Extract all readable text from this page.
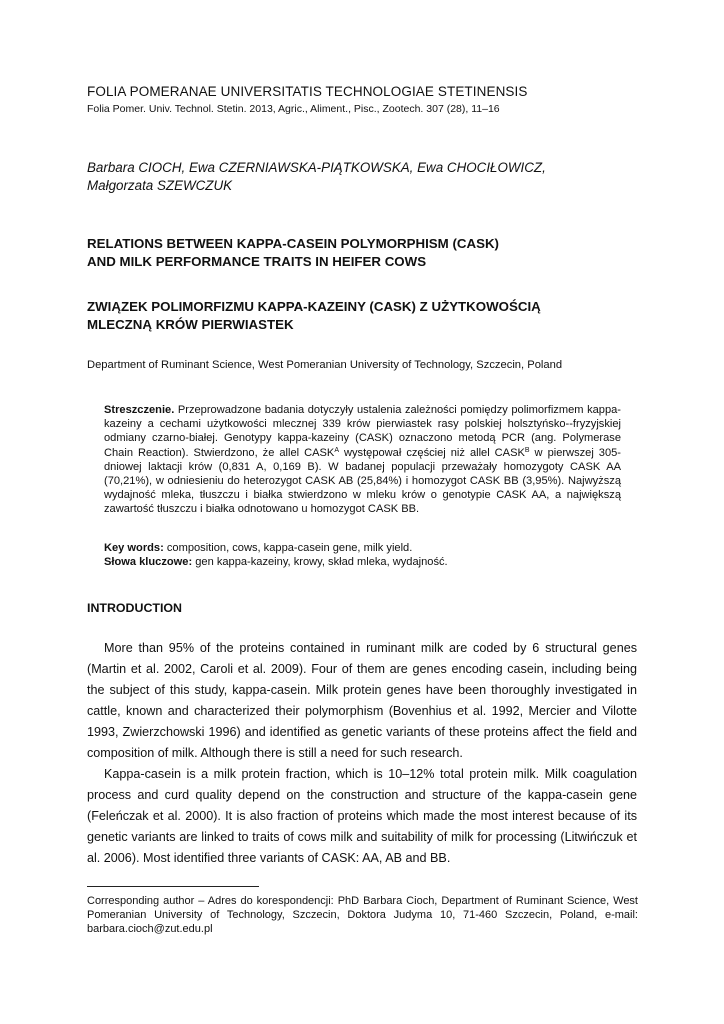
FOLIA POMERANAE UNIVERSITATIS TECHNOLOGIAE STETINENSIS
Folia Pomer. Univ. Technol. Stetin. 2013, Agric., Aliment., Pisc., Zootech. 307 (28), 11–16
Barbara CIOCH, Ewa CZERNIAWSKA-PIĄTKOWSKA, Ewa CHOCIŁOWICZ,
Małgorzata SZEWCZUK
RELATIONS BETWEEN KAPPA-CASEIN POLYMORPHISM (CASK)
AND MILK PERFORMANCE TRAITS IN HEIFER COWS
ZWIĄZEK POLIMORFIZMU KAPPA-KAZEINY (CASK) Z UŻYTKOWOŚCIĄ
MLECZNĄ KRÓW PIERWIASTEK
Department of Ruminant Science, West Pomeranian University of Technology, Szczecin, Poland
Streszczenie. Przeprowadzone badania dotyczyły ustalenia zależności pomiędzy polimorfizmem kappa-kazeiny a cechami użytkowości mlecznej 339 krów pierwiastek rasy polskiej holsztyńsko--fryzyjskiej odmiany czarno-białej. Genotypy kappa-kazeiny (CASK) oznaczono metodą PCR (ang. Polymerase Chain Reaction). Stwierdzono, że allel $CASK^A$ występował częściej niż allel $CASK^B$ w pierwszej 305-dniowej laktacji krów (0,831 A, 0,169 B). W badanej populacji przeważały homozygoty CASK AA (70,21%), w odniesieniu do heterozygot CASK AB (25,84%) i homozygot CASK BB (3,95%). Najwyższą wydajność mleka, tłuszczu i białka stwierdzono w mleku krów o genotypie CASK AA, a największą zawartość tłuszczu i białka odnotowano u homozygot CASK BB.
Key words: composition, cows, kappa-casein gene, milk yield.
Słowa kluczowe: gen kappa-kazeiny, krowy, skład mleka, wydajność.
INTRODUCTION

More than 95% of the proteins contained in ruminant milk are coded by 6 structural genes (Martin et al. 2002, Caroli et al. 2009). Four of them are genes encoding casein, including being the subject of this study, kappa-casein. Milk protein genes have been thoroughly investigated in cattle, known and characterized their polymorphism (Bovenhius et al. 1992, Mercier and Vilotte 1993, Zwierzchowski 1996) and identified as genetic variants of these proteins affect the field and composition of milk. Although there is still a need for such research.

Kappa-casein is a milk protein fraction, which is 10–12% total protein milk. Milk coagulation process and curd quality depend on the construction and structure of the kappa-casein gene (Feleńczak et al. 2000). It is also fraction of proteins which made the most interest because of its genetic variants are linked to traits of cows milk and suitability of milk for processing (Litwińczuk et al. 2006). Most identified three variants of CASK: AA, AB and BB.

Corresponding author – Adres do korespondencji: PhD Barbara Cioch, Department of Ruminant Science, West Pomeranian University of Technology, Szczecin, Doktora Judyma 10, 71-460 Szczecin, Poland, e-mail: barbara.cioch@zut.edu.pl
